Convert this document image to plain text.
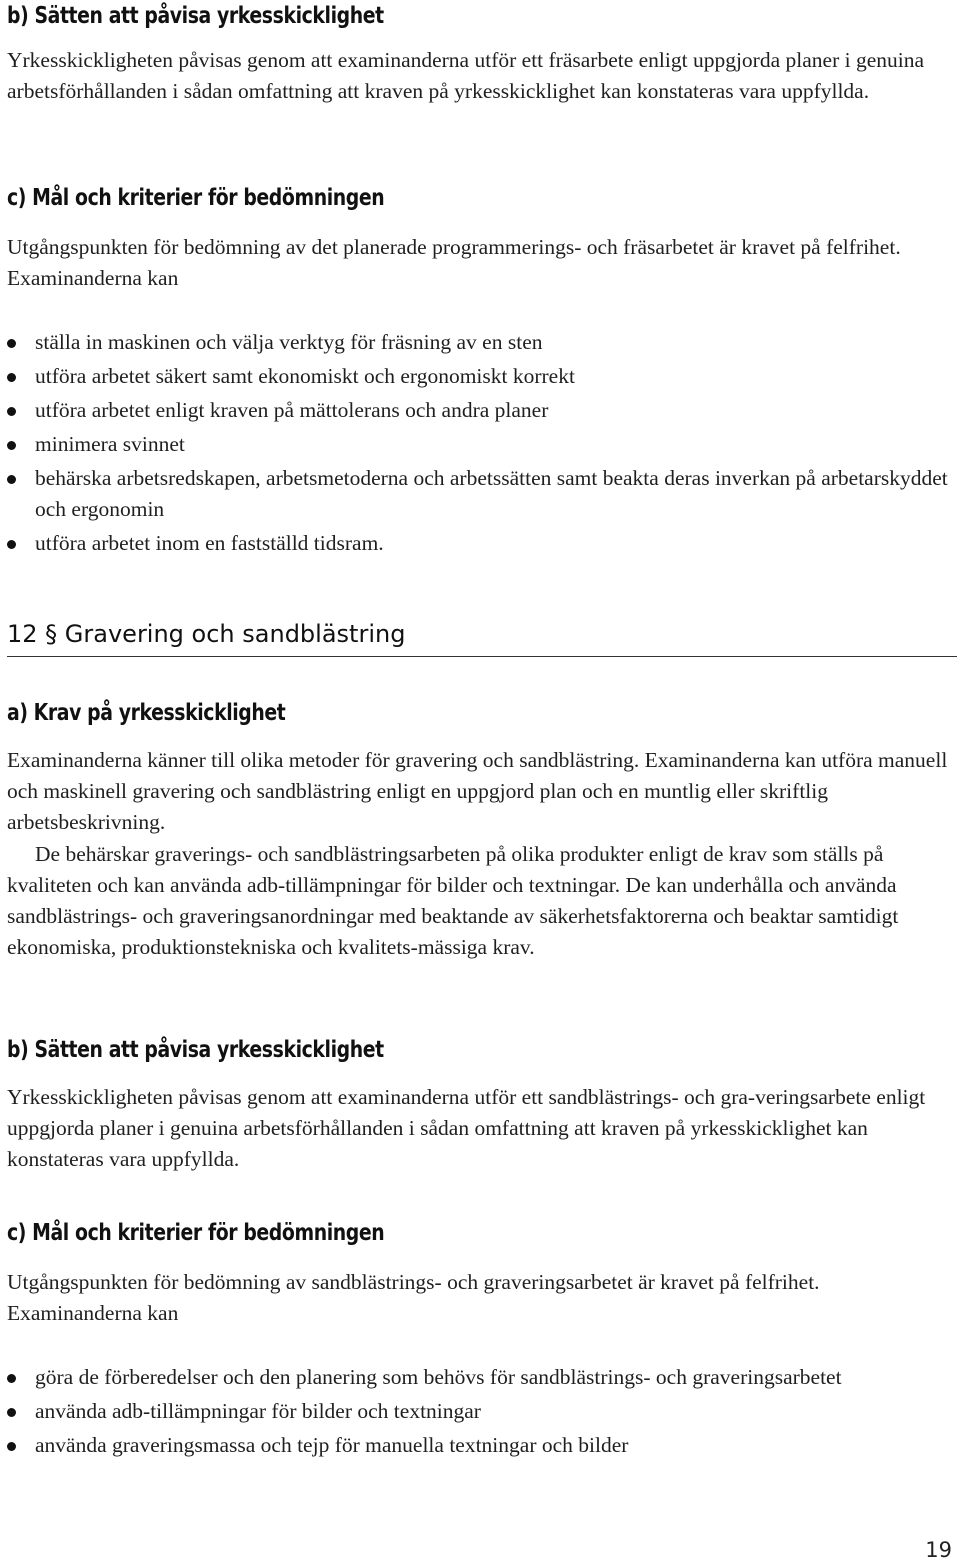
b) Sätten att påvisa yrkesskicklighet

Yrkesskickligheten påvisas genom att examinanderna utför ett fräsarbete enligt uppgjorda planer i genuina arbetsförhållanden i sådan omfattning att kraven på yrkesskicklighet kan konstateras vara uppfyllda.

c) Mål och kriterier för bedömningen

Utgångspunkten för bedömning av det planerade programmerings- och fräsarbetet är kravet på felfrihet. Examinanderna kan

ställa in maskinen och välja verktyg för fräsning av en sten
utföra arbetet säkert samt ekonomiskt och ergonomiskt korrekt
utföra arbetet enligt kraven på mättolerans och andra planer
minimera svinnet
behärska arbetsredskapen, arbetsmetoderna och arbetssätten samt beakta deras inverkan på arbetarskyddet och ergonomin
utföra arbetet inom en fastställd tidsram.
12 § Gravering och sandblästring
a) Krav på yrkesskicklighet

Examinanderna känner till olika metoder för gravering och sandblästring. Examinanderna kan utföra manuell och maskinell gravering och sandblästring enligt en uppgjord plan och en muntlig eller skriftlig arbetsbeskrivning.

De behärskar graverings- och sandblästringsarbeten på olika produkter enligt de krav som ställs på kvaliteten och kan använda adb-tillämpningar för bilder och textningar. De kan underhålla och använda sandblästrings- och graveringsanordningar med beaktande av säkerhetsfaktorerna och beaktar samtidigt ekonomiska, produktionstekniska och kvalitets-mässiga krav.

b) Sätten att påvisa yrkesskicklighet

Yrkesskickligheten påvisas genom att examinanderna utför ett sandblästrings- och gra-veringsarbete enligt uppgjorda planer i genuina arbetsförhållanden i sådan omfattning att kraven på yrkesskicklighet kan konstateras vara uppfyllda.

c) Mål och kriterier för bedömningen

Utgångspunkten för bedömning av sandblästrings- och graveringsarbetet är kravet på felfrihet. Examinanderna kan

göra de förberedelser och den planering som behövs för sandblästrings- och graveringsarbetet
använda adb-tillämpningar för bilder och textningar
använda graveringsmassa och tejp för manuella textningar och bilder
19
